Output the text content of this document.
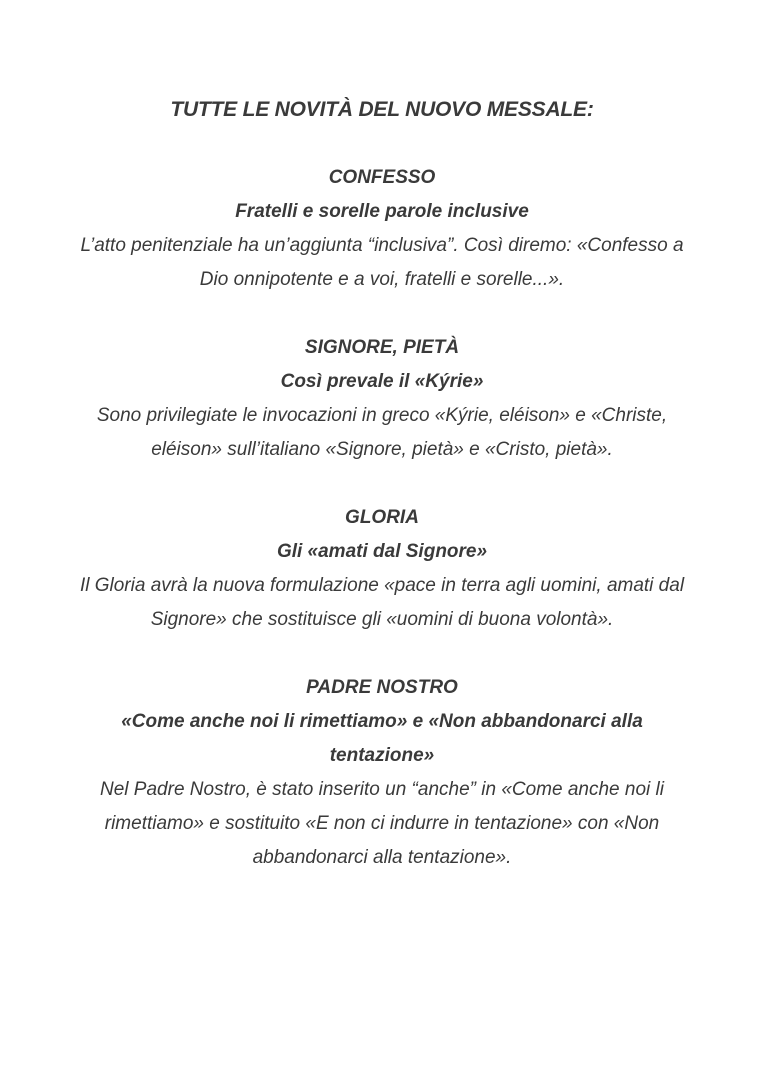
TUTTE LE NOVITÀ DEL NUOVO MESSALE:

CONFESSO

Fratelli e sorelle parole inclusive

L’atto penitenziale ha un’aggiunta “inclusiva”. Così diremo: «Confesso a Dio onnipotente e a voi, fratelli e sorelle...».

SIGNORE, PIETÀ

Così prevale il «Kýrie»

Sono privilegiate le invocazioni in greco «Kýrie, eléison» e «Christe, eléison» sull’italiano «Signore, pietà» e «Cristo, pietà».

GLORIA

Gli «amati dal Signore»

Il Gloria avrà la nuova formulazione «pace in terra agli uomini, amati dal Signore» che sostituisce gli «uomini di buona volontà».

PADRE NOSTRO

«Come anche noi li rimettiamo» e «Non abbandonarci alla tentazione»

Nel Padre Nostro, è stato inserito un “anche” in «Come anche noi li rimettiamo» e sostituito «E non ci indurre in tentazione» con «Non abbandonarci alla tentazione».
